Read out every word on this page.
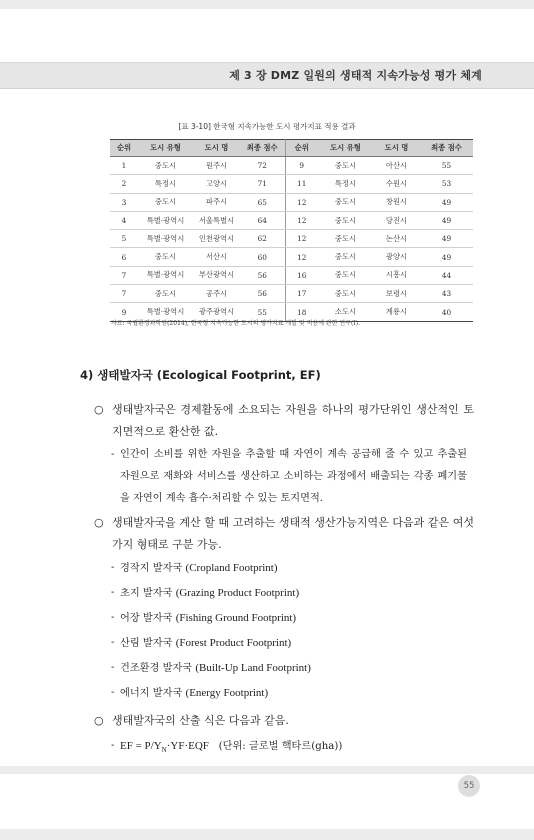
제 3 장 DMZ 일원의 생태적 지속가능성 평가 체계
[표 3-10] 한국형 지속가능한 도시 평가지표 적용 결과
순위	도시 유형	도시 명	최종 점수	순위	도시 유형	도시 명	최종 점수
1	중도시	원주시	72	9	중도시	아산시	55
2	특정시	고양시	71	11	특정시	수원시	53
3	중도시	파주시	65	12	중도시	창원시	49
4	특별·광역시	서울특별시	64	12	중도시	당진시	49
5	특별·광역시	인천광역시	62	12	중도시	논산시	49
6	중도시	서산시	60	12	중도시	광양시	49
7	특별·광역시	부산광역시	56	16	중도시	시흥시	44
7	중도시	공주시	56	17	중도시	보령시	43
9	특별·광역시	광주광역시	55	18	소도시	계룡시	40
자료: 국립환경과학원(2014), 한국형 지속가능한 도시의 평가지표 개발 및 적용에 관한 연구(Ⅰ).
4) 생태발자국 (Ecological Footprint, EF)
○ 생태발자국은 경제활동에 소요되는 자원을 하나의 평가단위인 생산적인 토지면적으로 환산한 값.
- 인간이 소비를 위한 자원을 추출할 때 자연이 계속 공급해 줄 수 있고 추출된 자원으로 재화와 서비스를 생산하고 소비하는 과정에서 배출되는 각종 폐기물을 자연이 계속 흡수·처리할 수 있는 토지면적.
○ 생태발자국을 계산 할 때 고려하는 생태적 생산가능지역은 다음과 같은 여섯 가지 형태로 구분 가능.
- 경작지 발자국 (Cropland Footprint)
- 초지 발자국 (Grazing Product Footprint)
- 어장 발자국 (Fishing Ground Footprint)
- 산림 발자국 (Forest Product Footprint)
- 건조환경 발자국 (Built-Up Land Footprint)
- 에너지 발자국 (Energy Footprint)
○ 생태발자국의 산출 식은 다음과 같음.
- EF = $P/Y_N\cdot YF\cdot EQF$ (단위: 글로벌 핵타르(gha))
55
